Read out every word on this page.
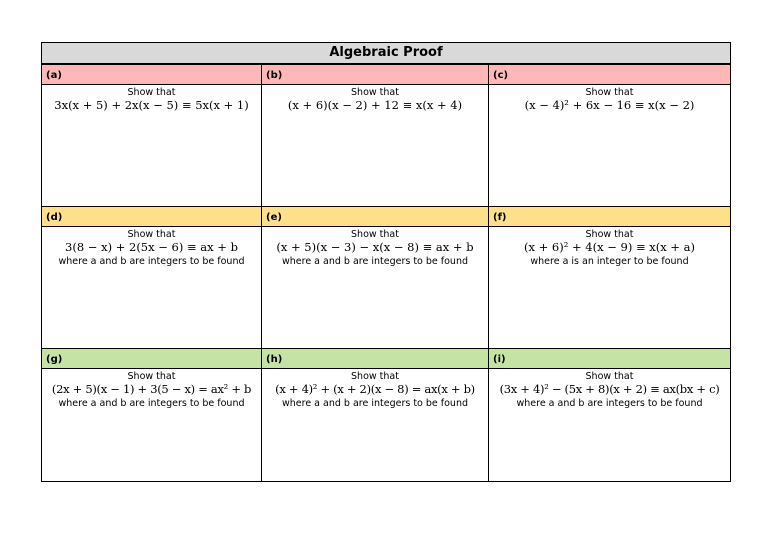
Algebraic Proof
(a)
Show that
3x(x + 5) + 2x(x − 5) ≡ 5x(x + 1)
(b)
Show that
(x + 6)(x − 2) + 12 ≡ x(x + 4)
(c)
Show that
(x − 4)² + 6x − 16 ≡ x(x − 2)
(d)
Show that
3(8 − x) + 2(5x − 6) ≡ ax + b
where a and b are integers to be found
(e)
Show that
(x + 5)(x − 3) − x(x − 8) ≡ ax + b
where a and b are integers to be found
(f)
Show that
(x + 6)² + 4(x − 9) ≡ x(x + a)
where a is an integer to be found
(g)
Show that
(2x + 5)(x − 1) + 3(5 − x) = ax² + b
where a and b are integers to be found
(h)
Show that
(x + 4)² + (x + 2)(x − 8) = ax(x + b)
where a and b are integers to be found
(i)
Show that
(3x + 4)² − (5x + 8)(x + 2) ≡ ax(bx + c)
where a and b are integers to be found
